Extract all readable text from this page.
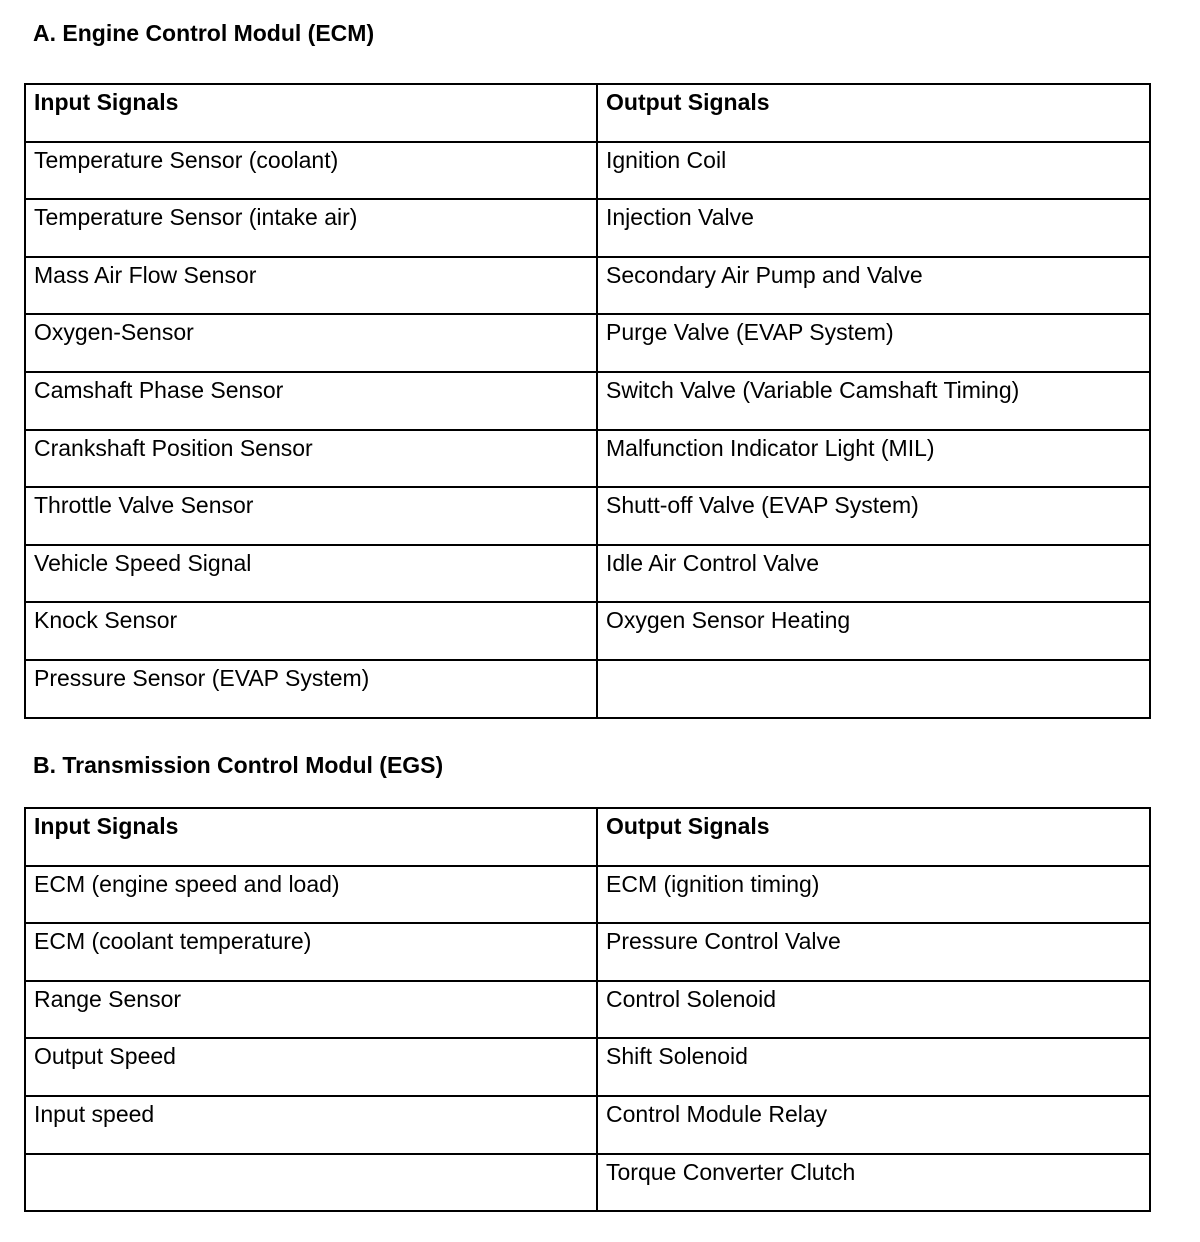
A. Engine Control Modul (ECM)
Input Signals	Output Signals
Temperature Sensor (coolant)	Ignition Coil
Temperature Sensor (intake air)	Injection Valve
Mass Air Flow Sensor	Secondary Air Pump and Valve
Oxygen-Sensor	Purge Valve (EVAP System)
Camshaft Phase Sensor	Switch Valve (Variable Camshaft Timing)
Crankshaft Position Sensor	Malfunction Indicator Light (MIL)
Throttle Valve Sensor	Shutt-off Valve (EVAP System)
Vehicle Speed Signal	Idle Air Control Valve
Knock Sensor	Oxygen Sensor Heating
Pressure Sensor (EVAP System)	
B. Transmission Control Modul (EGS)
Input Signals	Output Signals
ECM (engine speed and load)	ECM (ignition timing)
ECM (coolant temperature)	Pressure Control Valve
Range Sensor	Control Solenoid
Output Speed	Shift Solenoid
Input speed	Control Module Relay
	Torque Converter Clutch
